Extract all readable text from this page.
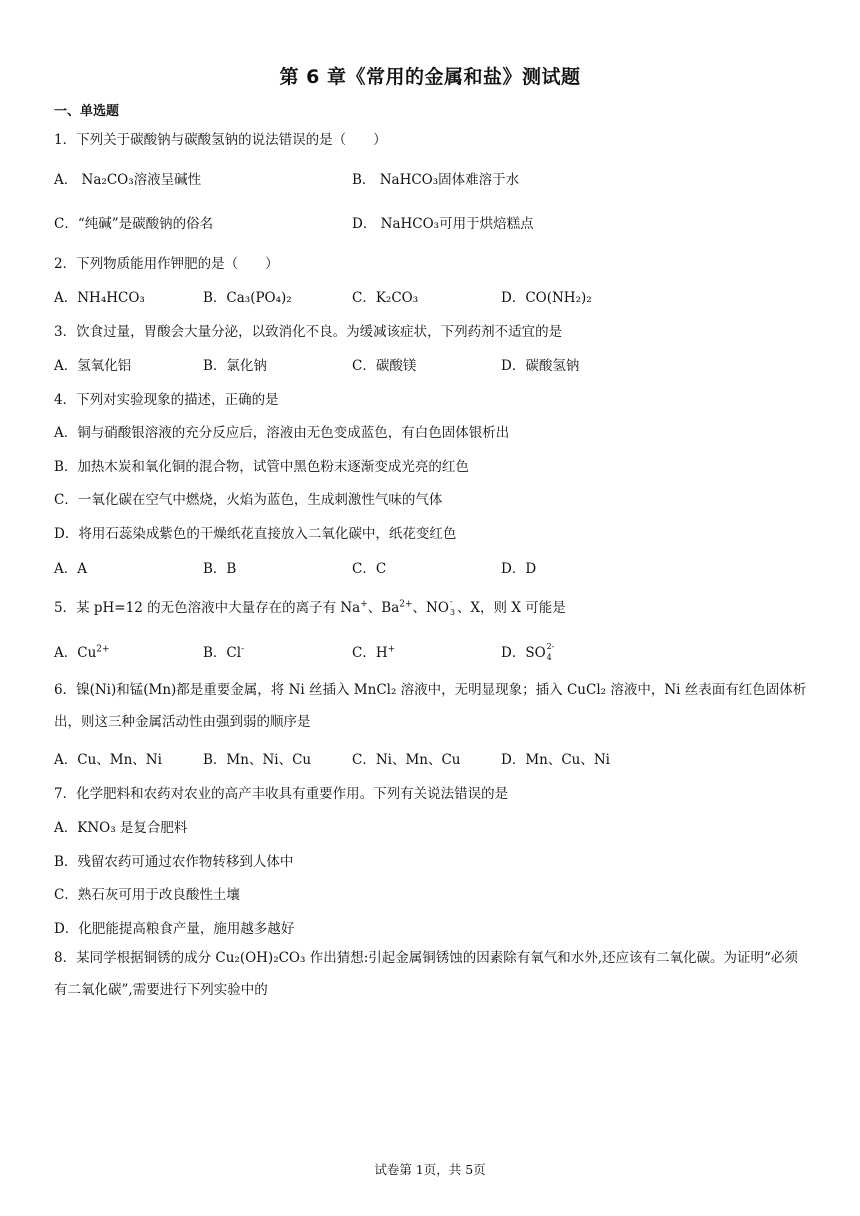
第 6 章《常用的金属和盐》测试题
一、单选题
1．下列关于碳酸钠与碳酸氢钠的说法错误的是（　　）
A． Na₂CO₃溶液呈碱性	B． NaHCO₃固体难溶于水
C．“纯碱”是碳酸钠的俗名	D． NaHCO₃可用于烘焙糕点
2．下列物质能用作钾肥的是（　　）
A．NH₄HCO₃	B．Ca₃(PO₄)₂	C．K₂CO₃	D．CO(NH₂)₂
3．饮食过量，胃酸会大量分泌，以致消化不良。为缓减该症状，下列药剂不适宜的是
A．氢氧化铝	B．氯化钠	C．碳酸镁	D．碳酸氢钠
4．下列对实验现象的描述，正确的是
A．铜与硝酸银溶液的充分反应后，溶液由无色变成蓝色，有白色固体银析出
B．加热木炭和氧化铜的混合物，试管中黑色粉末逐渐变成光亮的红色
C．一氧化碳在空气中燃烧，火焰为蓝色，生成刺激性气味的气体
D．将用石蕊染成紫色的干燥纸花直接放入二氧化碳中，纸花变红色
A．A	B．B	C．C	D．D
5．某 pH=12 的无色溶液中大量存在的离子有 Na+、$Ba^{2+}$、NO -
3 、X，则 X 可能是
A．$Cu^{2+}$	B．Cl-	C．H+	D．SO 2-
4
6．镍(Ni)和锰(Mn)都是重要金属，将 Ni 丝插入 MnCl₂ 溶液中，无明显现象；插入 CuCl₂ 溶液中，Ni 丝表面有红色固体析出，则这三种金属活动性由强到弱的顺序是
A．Cu、Mn、Ni	B．Mn、Ni、Cu	C．Ni、Mn、Cu	D．Mn、Cu、Ni
7．化学肥料和农药对农业的高产丰收具有重要作用。下列有关说法错误的是
A．KNO₃ 是复合肥料
B．残留农药可通过农作物转移到人体中
C．熟石灰可用于改良酸性土壤
D．化肥能提高粮食产量，施用越多越好
8．某同学根据铜锈的成分 Cu₂(OH)₂CO₃ 作出猜想:引起金属铜锈蚀的因素除有氧气和水外,还应该有二氧化碳。为证明“必须有二氧化碳”,需要进行下列实验中的
试卷第 1页，共 5页
